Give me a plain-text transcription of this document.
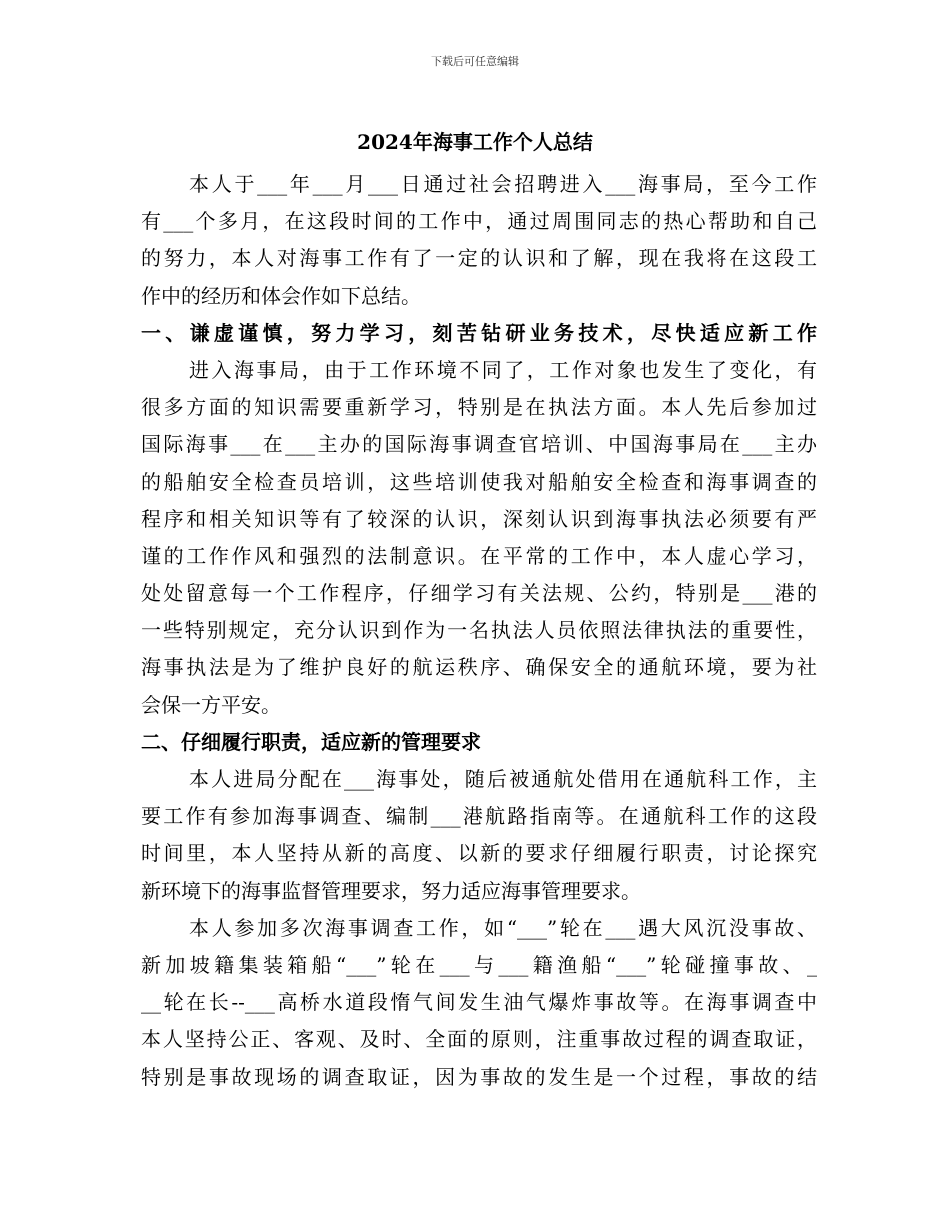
下载后可任意编辑
2024年海事工作个人总结
本人于___年___月___日通过社会招聘进入___海事局，至今工作
有___个多月，在这段时间的工作中，通过周围同志的热心帮助和自己
的努力，本人对海事工作有了一定的认识和了解，现在我将在这段工
作中的经历和体会作如下总结。
一、谦虚谨慎，努力学习，刻苦钻研业务技术，尽快适应新工作
进入海事局，由于工作环境不同了，工作对象也发生了变化，有
很多方面的知识需要重新学习，特别是在执法方面。本人先后参加过
国际海事___在___主办的国际海事调查官培训、中国海事局在___主办
的船舶安全检查员培训，这些培训使我对船舶安全检查和海事调查的
程序和相关知识等有了较深的认识，深刻认识到海事执法必须要有严
谨的工作作风和强烈的法制意识。在平常的工作中，本人虚心学习，
处处留意每一个工作程序，仔细学习有关法规、公约，特别是___港的
一些特别规定，充分认识到作为一名执法人员依照法律执法的重要性，
海事执法是为了维护良好的航运秩序、确保安全的通航环境，要为社
会保一方平安。
二、仔细履行职责，适应新的管理要求
本人进局分配在___海事处，随后被通航处借用在通航科工作，主
要工作有参加海事调查、编制___港航路指南等。在通航科工作的这段
时间里，本人坚持从新的高度、以新的要求仔细履行职责，讨论探究
新环境下的海事监督管理要求，努力适应海事管理要求。
本人参加多次海事调查工作，如“___”轮在___遇大风沉没事故、
新加坡籍集装箱船“___”轮在___与___籍渔船“___”轮碰撞事故、_
__轮在长--___高桥水道段惰气间发生油气爆炸事故等。在海事调查中
本人坚持公正、客观、及时、全面的原则，注重事故过程的调查取证，
特别是事故现场的调查取证，因为事故的发生是一个过程，事故的结
